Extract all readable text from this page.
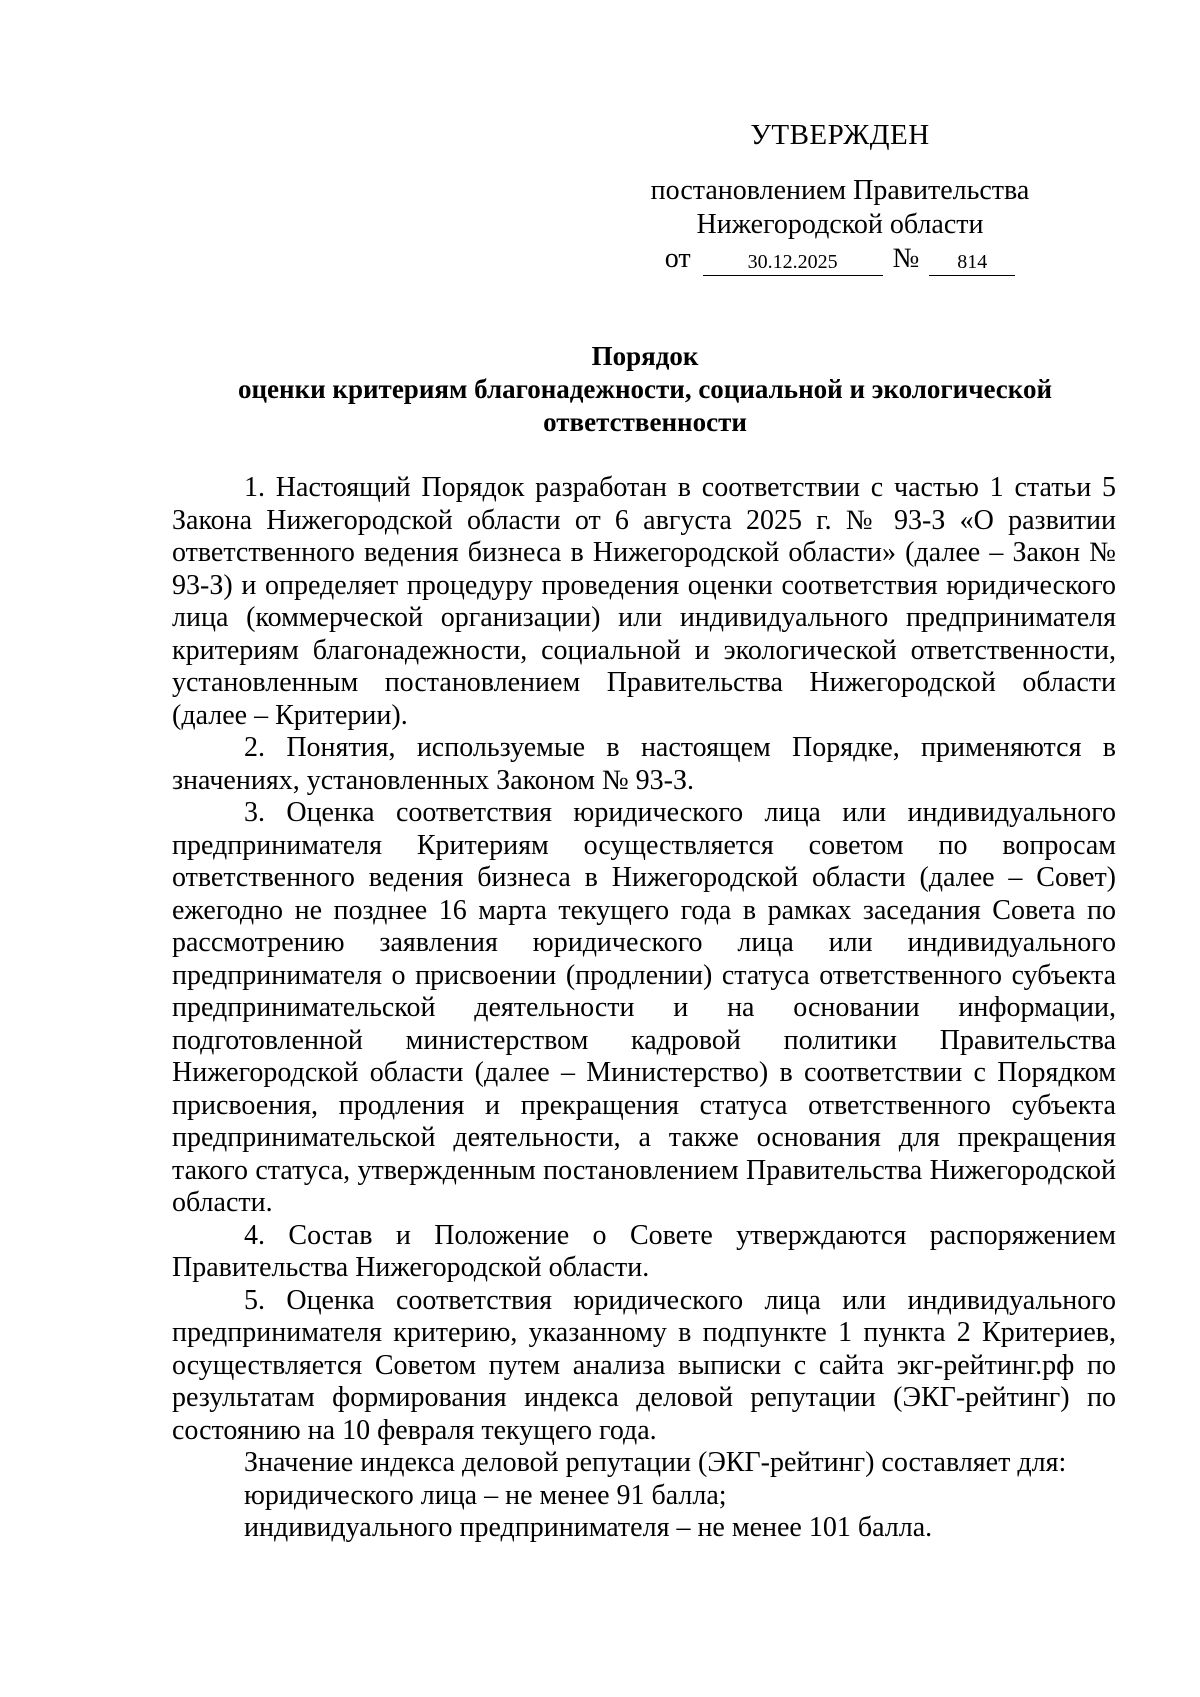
УТВЕРЖДЕН
постановлением Правительства
Нижегородской области
от	30.12.2025	№	814
Порядок
оценки критериям благонадежности, социальной и экологической
ответственности

1. Настоящий Порядок разработан в соответствии с частью 1 статьи 5 Закона Нижегородской области от 6 августа 2025 г. № 93-З «О развитии ответственного ведения бизнеса в Нижегородской области» (далее – Закон № 93-З) и определяет процедуру проведения оценки соответствия юридического лица (коммерческой организации) или индивидуального предпринимателя критериям благонадежности, социальной и экологической ответственности, установленным постановлением Правительства Нижегородской области (далее – Критерии).

2. Понятия, используемые в настоящем Порядке, применяются в значениях, установленных Законом № 93-З.

3. Оценка соответствия юридического лица или индивидуального предпринимателя Критериям осуществляется советом по вопросам ответственного ведения бизнеса в Нижегородской области (далее – Совет) ежегодно не позднее 16 марта текущего года в рамках заседания Совета по рассмотрению заявления юридического лица или индивидуального предпринимателя о присвоении (продлении) статуса ответственного субъекта предпринимательской деятельности и на основании информации, подготовленной министерством кадровой политики Правительства Нижегородской области (далее – Министерство) в соответствии с Порядком присвоения, продления и прекращения статуса ответственного субъекта предпринимательской деятельности, а также основания для прекращения такого статуса, утвержденным постановлением Правительства Нижегородской области.

4. Состав и Положение о Совете утверждаются распоряжением Правительства Нижегородской области.

5. Оценка соответствия юридического лица или индивидуального предпринимателя критерию, указанному в подпункте 1 пункта 2 Критериев, осуществляется Советом путем анализа выписки с сайта экг-рейтинг.рф по результатам формирования индекса деловой репутации (ЭКГ-рейтинг) по состоянию на 10 февраля текущего года.

Значение индекса деловой репутации (ЭКГ-рейтинг) составляет для:

юридического лица – не менее 91 балла;

индивидуального предпринимателя – не менее 101 балла.
